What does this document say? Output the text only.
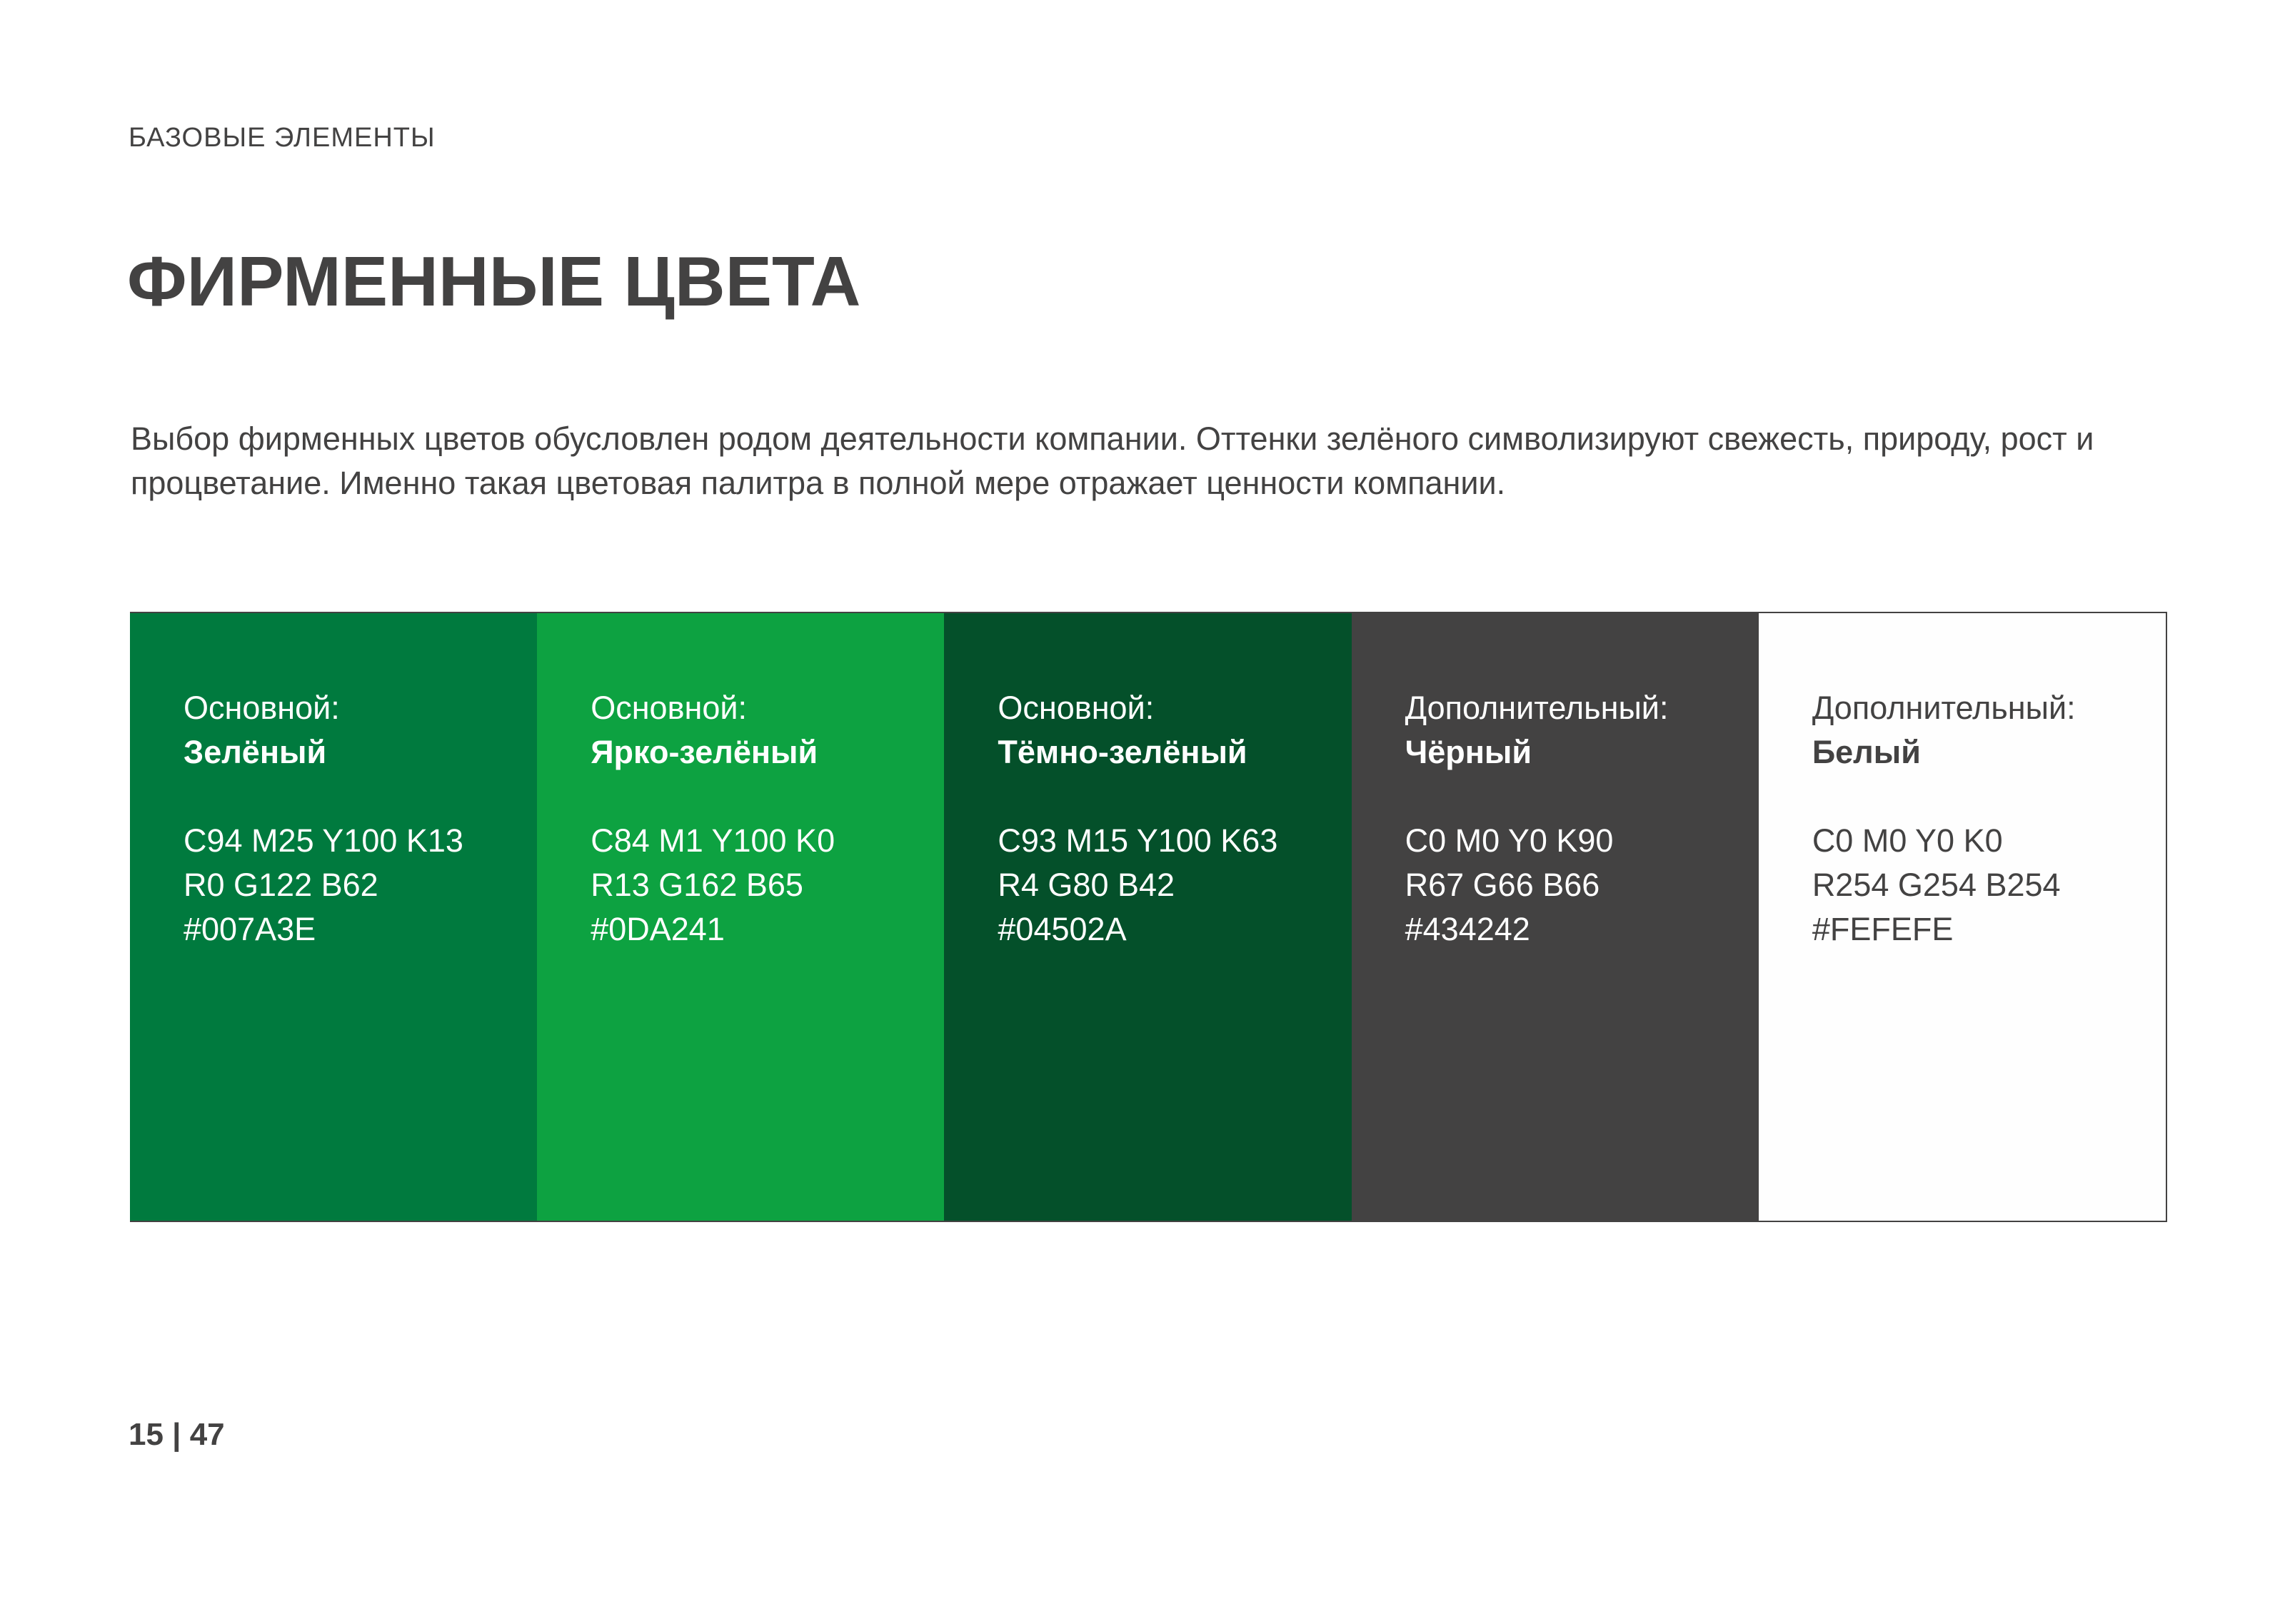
БАЗОВЫЕ ЭЛЕМЕНТЫ
ФИРМЕННЫЕ ЦВЕТА

Выбор фирменных цветов обусловлен родом деятельности компании. Оттенки зелёного символизируют свежесть, природу, рост и процветание. Именно такая цветовая палитра в полной мере отражает ценности компании.

Основной:
Зелёный
C94 M25 Y100 K13
R0 G122 B62
#007A3E
Основной:
Ярко-зелёный
C84 M1 Y100 K0
R13 G162 B65
#0DA241
Основной:
Тёмно-зелёный
C93 M15 Y100 K63
R4 G80 B42
#04502A
Дополнительный:
Чёрный
C0 M0 Y0 K90
R67 G66 B66
#434242
Дополнительный:
Белый
C0 M0 Y0 K0
R254 G254 B254
#FEFEFE
15 | 47
